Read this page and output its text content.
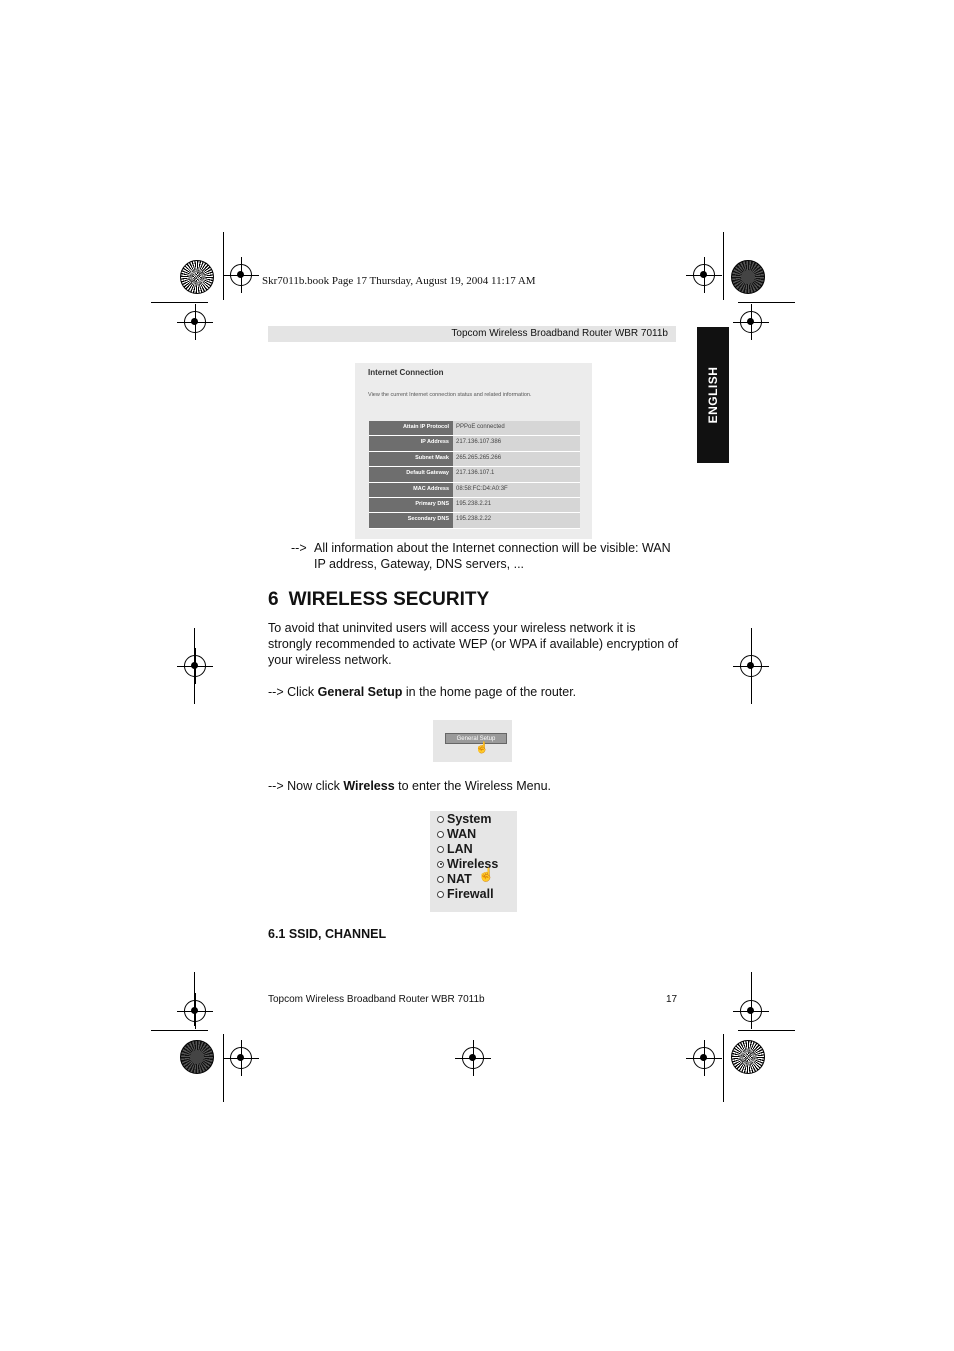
Skr7011b.book Page 17 Thursday, August 19, 2004 11:17 AM
Topcom Wireless Broadband Router WBR 7011b
ENGLISH
Internet Connection
View the current Internet connection status and related information.
Attain IP Protocol	PPPoE connected
IP Address	217.136.107.386
Subnet Mask	265.265.265.266
Default Gateway	217.136.107.1
MAC Address	08:58:FC:D4:A0:3F
Primary DNS	195.238.2.21
Secondary DNS	195.238.2.22
--> All information about the Internet connection will be visible: WAN IP address, Gateway, DNS servers, ...
6 WIRELESS SECURITY
To avoid that uninvited users will access your wireless network it is strongly recommended to activate WEP (or WPA if available) encryption of your wireless network.
--> Click General Setup in the home page of the router.
General Setup
☝
--> Now click Wireless to enter the Wireless Menu.
System
WAN
LAN
Wireless
NAT
Firewall
☝
6.1 SSID, CHANNEL
Topcom Wireless Broadband Router WBR 7011b	17
